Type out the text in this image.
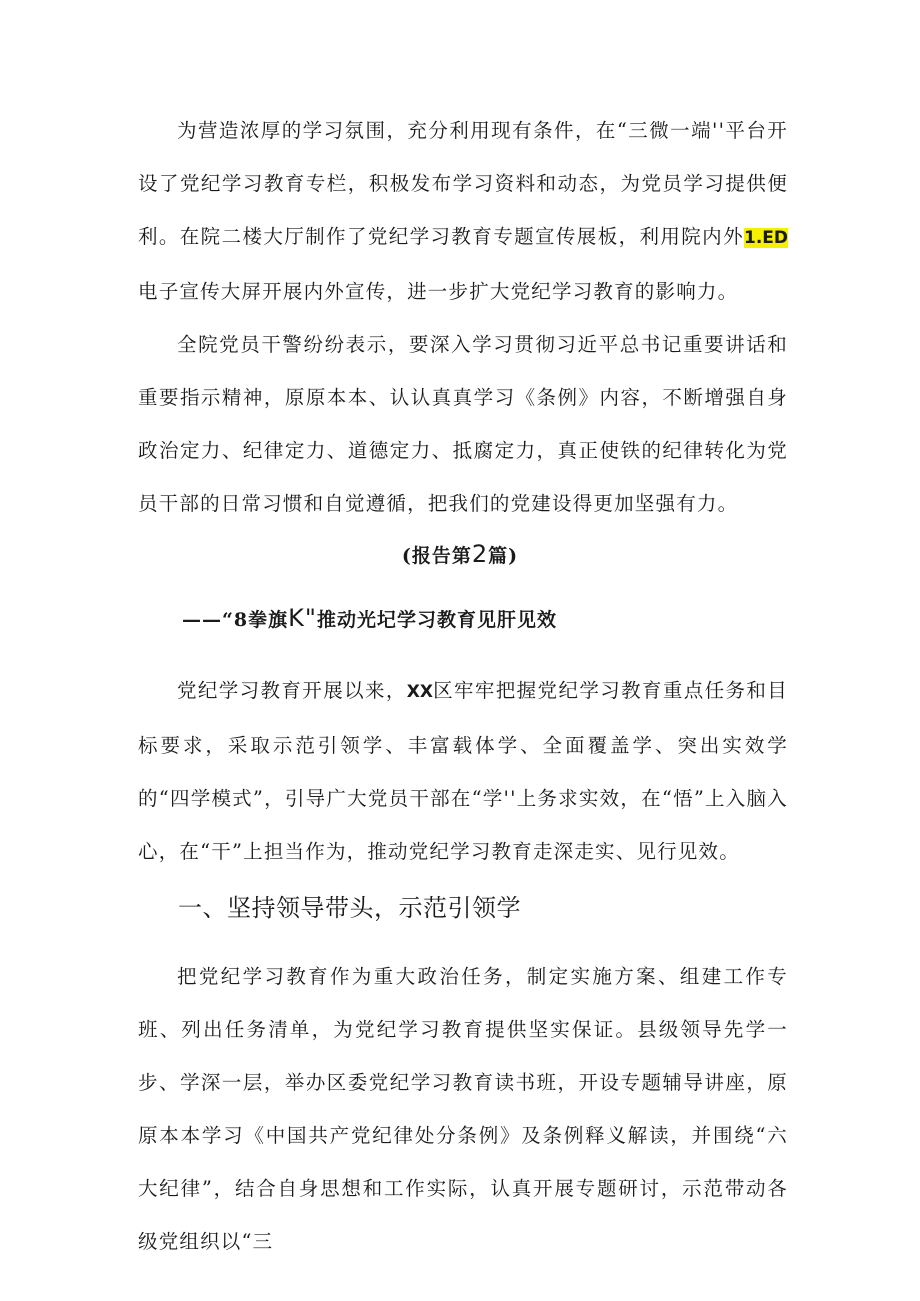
为营造浓厚的学习氛围，充分利用现有条件，在“三微一端''平台开设了党纪学习教育专栏，积极发布学习资料和动态，为党员学习提供便利。在院二楼大厅制作了党纪学习教育专题宣传展板，利用院内外1.ED电子宣传大屏开展内外宣传，进一步扩大党纪学习教育的影响力。

全院党员干警纷纷表示，要深入学习贯彻习近平总书记重要讲话和重要指示精神，原原本本、认认真真学习《条例》内容，不断增强自身政治定力、纪律定力、道德定力、抵腐定力，真正使铁的纪律转化为党员干部的日常习惯和自觉遵循，把我们的党建设得更加坚强有力。

(报告第2篇)
——“8拳旗K"推动光圮学习教育见肝见效

党纪学习教育开展以来，XX区牢牢把握党纪学习教育重点任务和目标要求，采取示范引领学、丰富载体学、全面覆盖学、突出实效学的“四学模式”，引导广大党员干部在“学''上务求实效，在“悟”上入脑入心，在“干”上担当作为，推动党纪学习教育走深走实、见行见效。

一、坚持领导带头，示范引领学

把党纪学习教育作为重大政治任务，制定实施方案、组建工作专班、列出任务清单，为党纪学习教育提供坚实保证。县级领导先学一步、学深一层，举办区委党纪学习教育读书班，开设专题辅导讲座，原原本本学习《中国共产党纪律处分条例》及条例释义解读，并围绕“六大纪律”，结合自身思想和工作实际，认真开展专题研讨，示范带动各级党组织以“三
